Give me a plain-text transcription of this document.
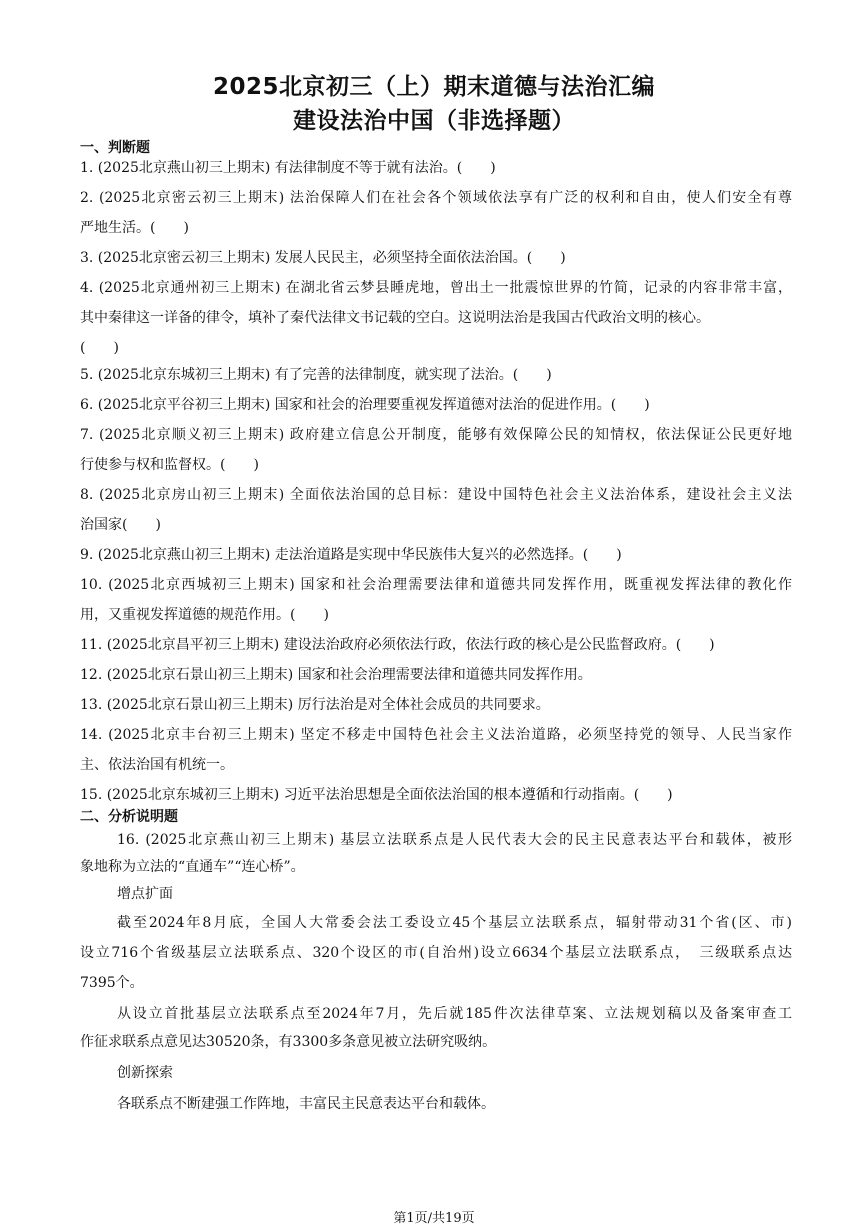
2025北京初三（上）期末道德与法治汇编
建设法治中国（非选择题）
一、判断题
1. (2025北京燕山初三上期末) 有法律制度不等于就有法治。(　　)
2. (2025北京密云初三上期末) 法治保障人们在社会各个领域依法享有广泛的权利和自由，使人们安全有尊
严地生活。(　　)
3. (2025北京密云初三上期末) 发展人民民主，必须坚持全面依法治国。(　　)
4. (2025北京通州初三上期末) 在湖北省云梦县睡虎地，曾出土一批震惊世界的竹简，记录的内容非常丰富，
其中秦律这一详备的律令，填补了秦代法律文书记载的空白。这说明法治是我国古代政治文明的核心。
(　　)
5. (2025北京东城初三上期末) 有了完善的法律制度，就实现了法治。(　　)
6. (2025北京平谷初三上期末) 国家和社会的治理要重视发挥道德对法治的促进作用。(　　)
7. (2025北京顺义初三上期末) 政府建立信息公开制度，能够有效保障公民的知情权，依法保证公民更好地
行使参与权和监督权。(　　)
8. (2025北京房山初三上期末) 全面依法治国的总目标：建设中国特色社会主义法治体系，建设社会主义法
治国家(　　)
9. (2025北京燕山初三上期末) 走法治道路是实现中华民族伟大复兴的必然选择。(　　)
10. (2025北京西城初三上期末) 国家和社会治理需要法律和道德共同发挥作用，既重视发挥法律的教化作
用，又重视发挥道德的规范作用。(　　)
11. (2025北京昌平初三上期末) 建设法治政府必须依法行政，依法行政的核心是公民监督政府。(　　)
12. (2025北京石景山初三上期末) 国家和社会治理需要法律和道德共同发挥作用。
13. (2025北京石景山初三上期末) 厉行法治是对全体社会成员的共同要求。
14. (2025北京丰台初三上期末) 坚定不移走中国特色社会主义法治道路，必须坚持党的领导、人民当家作
主、依法治国有机统一。
15. (2025北京东城初三上期末) 习近平法治思想是全面依法治国的根本遵循和行动指南。(　　)
二、分析说明题
16. (2025北京燕山初三上期末) 基层立法联系点是人民代表大会的民主民意表达平台和载体，被形
象地称为立法的“直通车”“连心桥”。
增点扩面
截至2024年8月底，全国人大常委会法工委设立45个基层立法联系点，辐射带动31个省(区、市)
设立716个省级基层立法联系点、320个设区的市(自治州)设立6634个基层立法联系点，　三级联系点达
7395个。
从设立首批基层立法联系点至2024年7月，先后就185件次法律草案、立法规划稿以及备案审查工
作征求联系点意见达30520条，有3300多条意见被立法研究吸纳。
创新探索
各联系点不断建强工作阵地，丰富民主民意表达平台和载体。
第1页/共19页
